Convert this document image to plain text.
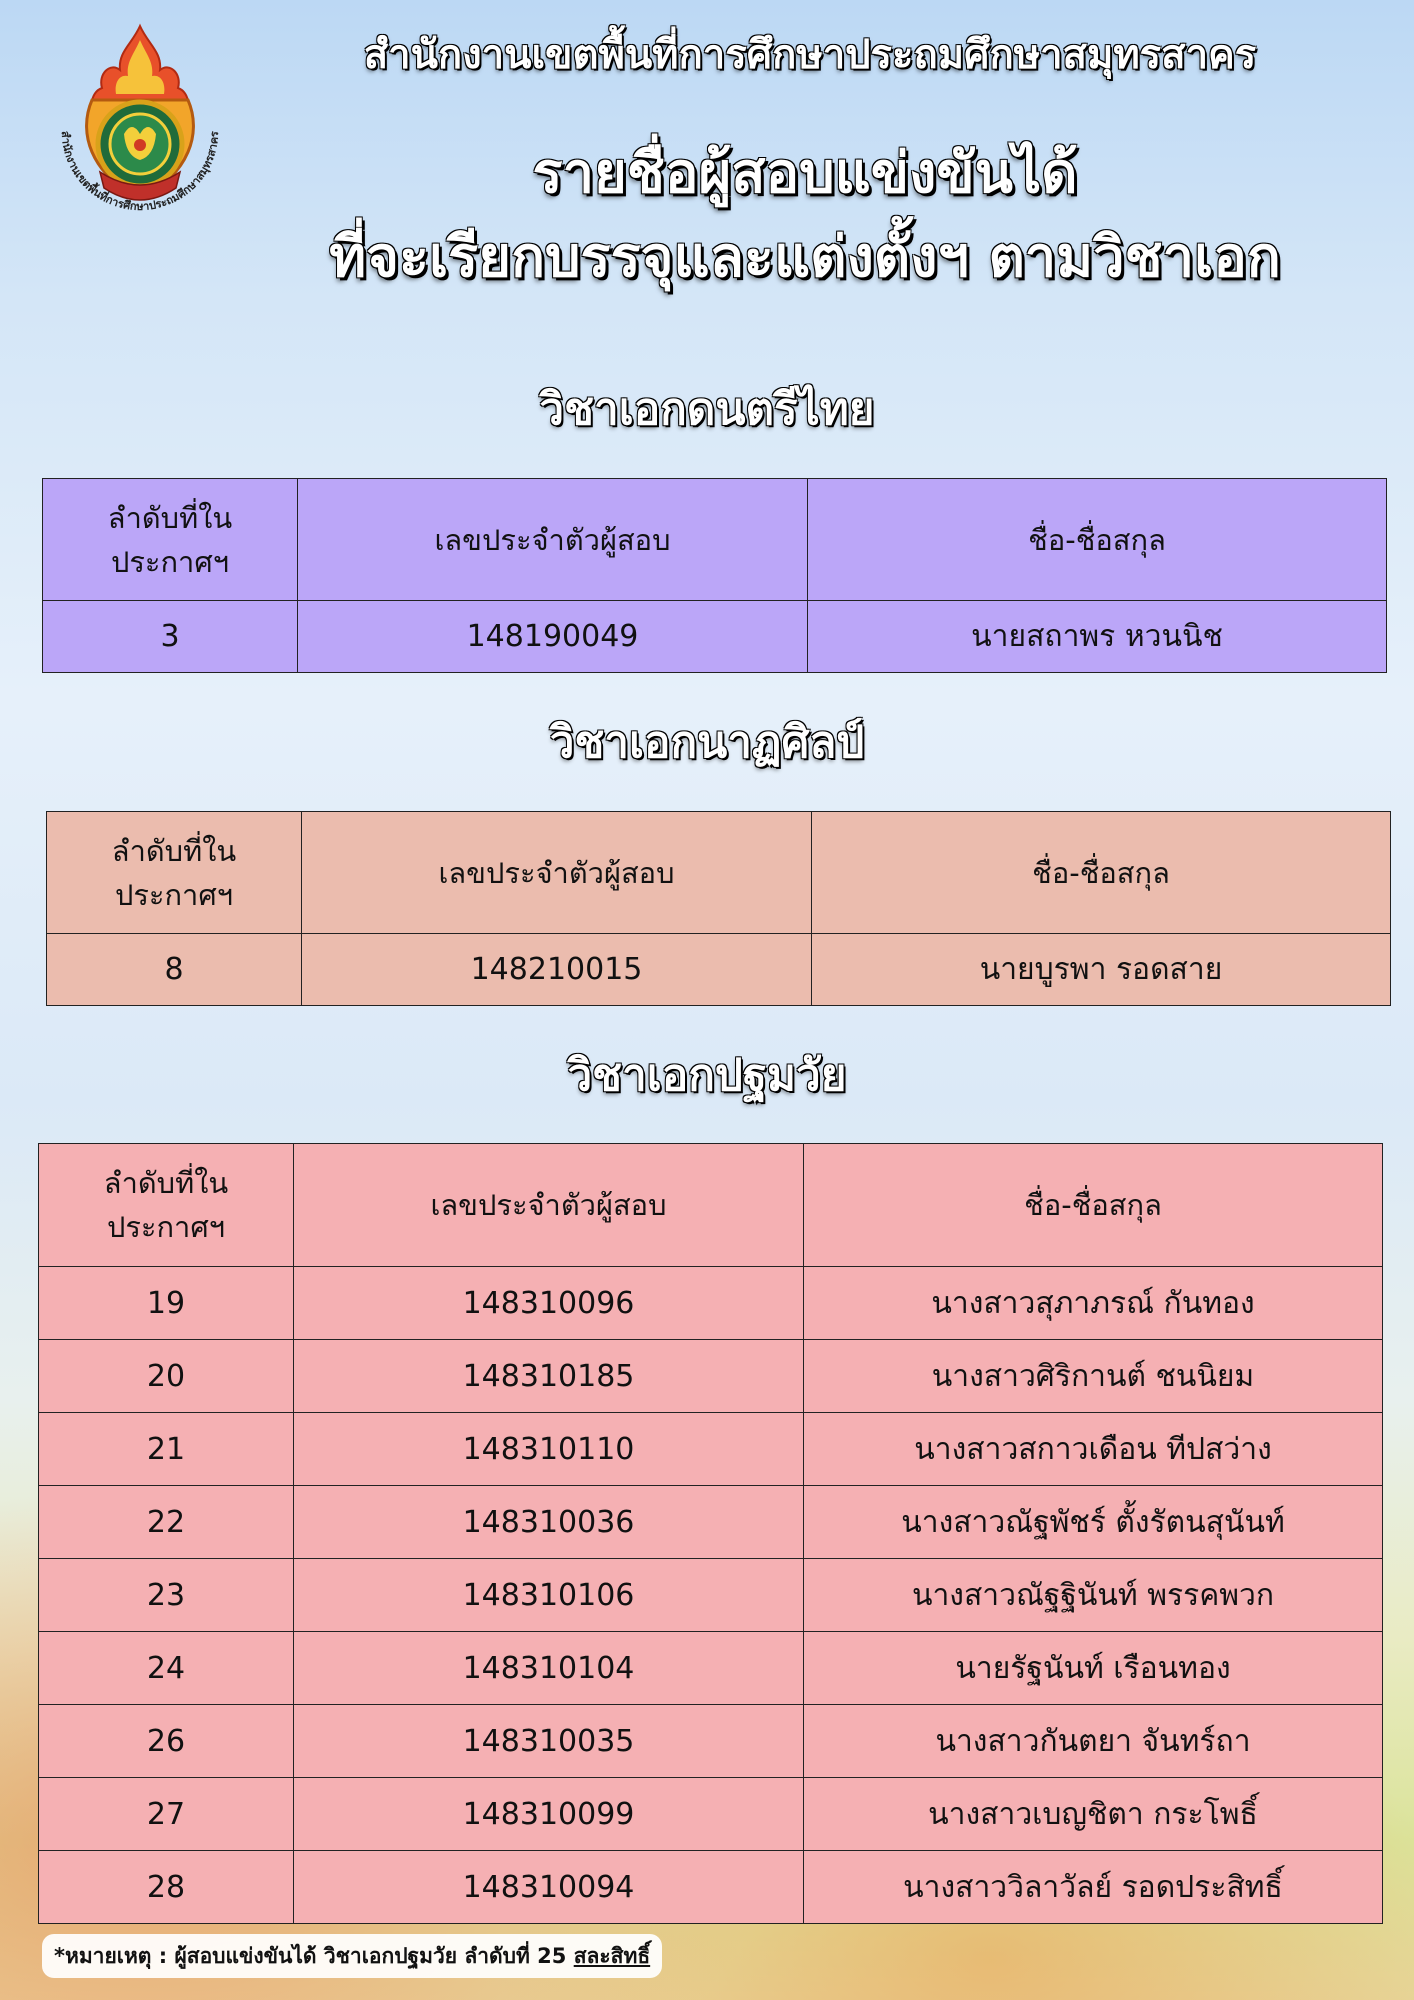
สำนักงานเขตพื้นที่การศึกษาประถมศึกษาสมุทรสาคร
สำนักงานเขตพื้นที่การศึกษาประถมศึกษาสมุทรสาคร
รายชื่อผู้สอบแข่งขันได้
ที่จะเรียกบรรจุและแต่งตั้งฯ ตามวิชาเอก
วิชาเอกดนตรีไทย
ลำดับที่ใน
ประกาศฯ	เลขประจำตัวผู้สอบ	ชื่อ-ชื่อสกุล
3	148190049	นายสถาพร หวนนิช
วิชาเอกนาฏศิลป์
ลำดับที่ใน
ประกาศฯ	เลขประจำตัวผู้สอบ	ชื่อ-ชื่อสกุล
8	148210015	นายบูรพา รอดสาย
วิชาเอกปฐมวัย
ลำดับที่ใน
ประกาศฯ	เลขประจำตัวผู้สอบ	ชื่อ-ชื่อสกุล
19	148310096	นางสาวสุภาภรณ์ กันทอง
20	148310185	นางสาวศิริกานต์ ชนนิยม
21	148310110	นางสาวสกาวเดือน ทีปสว่าง
22	148310036	นางสาวณัฐพัชร์ ตั้งรัตนสุนันท์
23	148310106	นางสาวณัฐฐินันท์ พรรคพวก
24	148310104	นายรัฐนันท์ เรือนทอง
26	148310035	นางสาวกันตยา จันทร์ถา
27	148310099	นางสาวเบญชิตา กระโพธิ์
28	148310094	นางสาววิลาวัลย์ รอดประสิทธิ์
*หมายเหตุ : ผู้สอบแข่งขันได้ วิชาเอกปฐมวัย ลำดับที่ 25 สละสิทธิ์
